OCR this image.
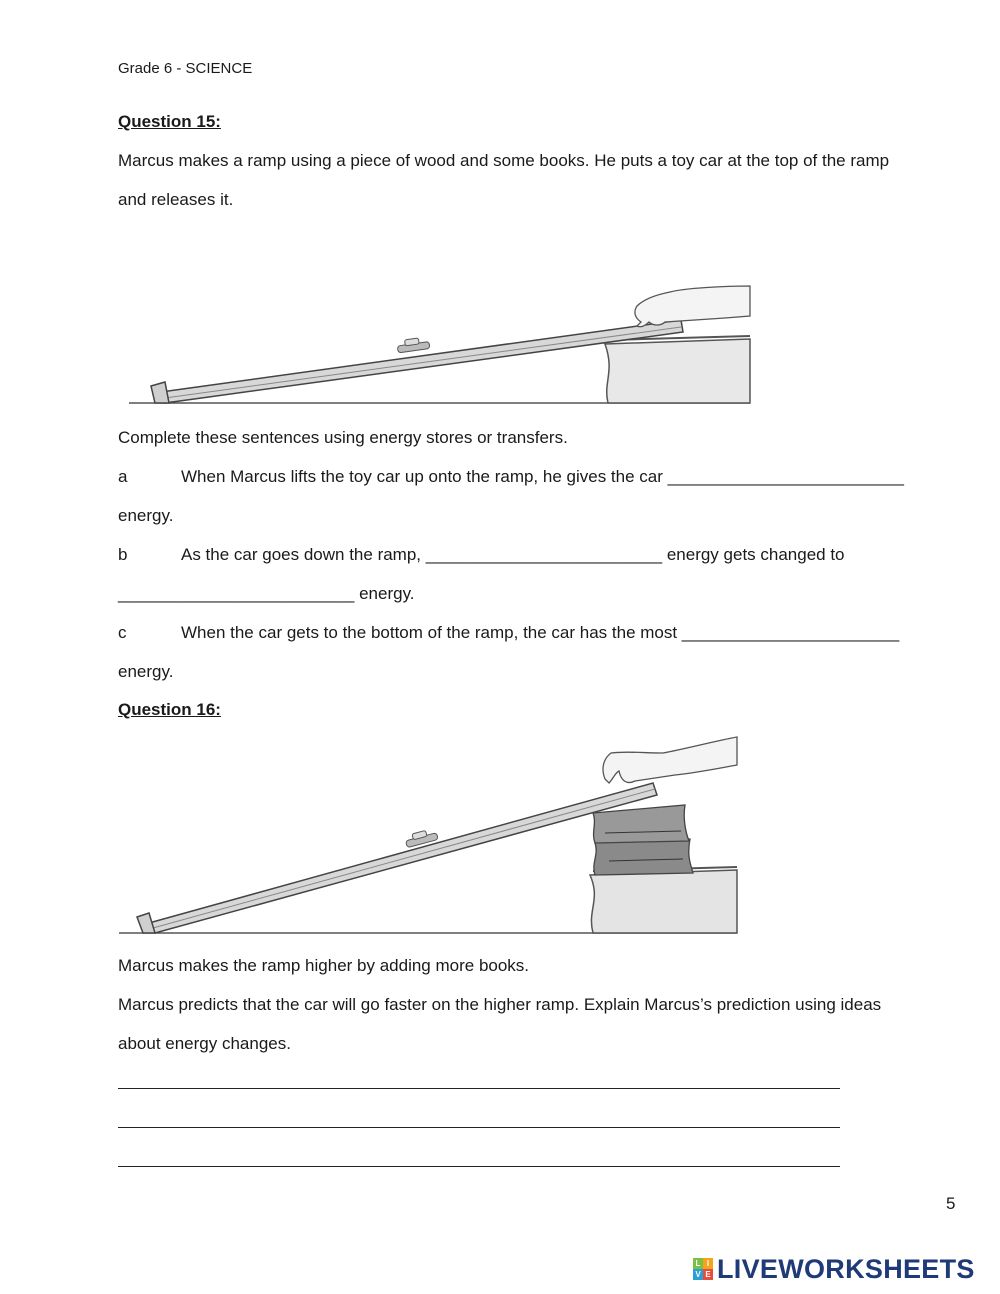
Grade 6 - SCIENCE
Question 15:
Marcus makes a ramp using a piece of wood and some books. He puts a toy car at the top of the ramp
and releases it.
Complete these sentences using energy stores or transfers.
a	When Marcus lifts the toy car up onto the ramp, he gives the car _________________________
energy.
b	As the car goes down the ramp, _________________________ energy gets changed to
_________________________ energy.
c	When the car gets to the bottom of the ramp, the car has the most _______________________
energy.
Question 16:
Marcus makes the ramp higher by adding more books.
Marcus predicts that the car will go faster on the higher ramp. Explain Marcus’s prediction using ideas
about energy changes.
5
L I
V E LIVEWORKSHEETS
